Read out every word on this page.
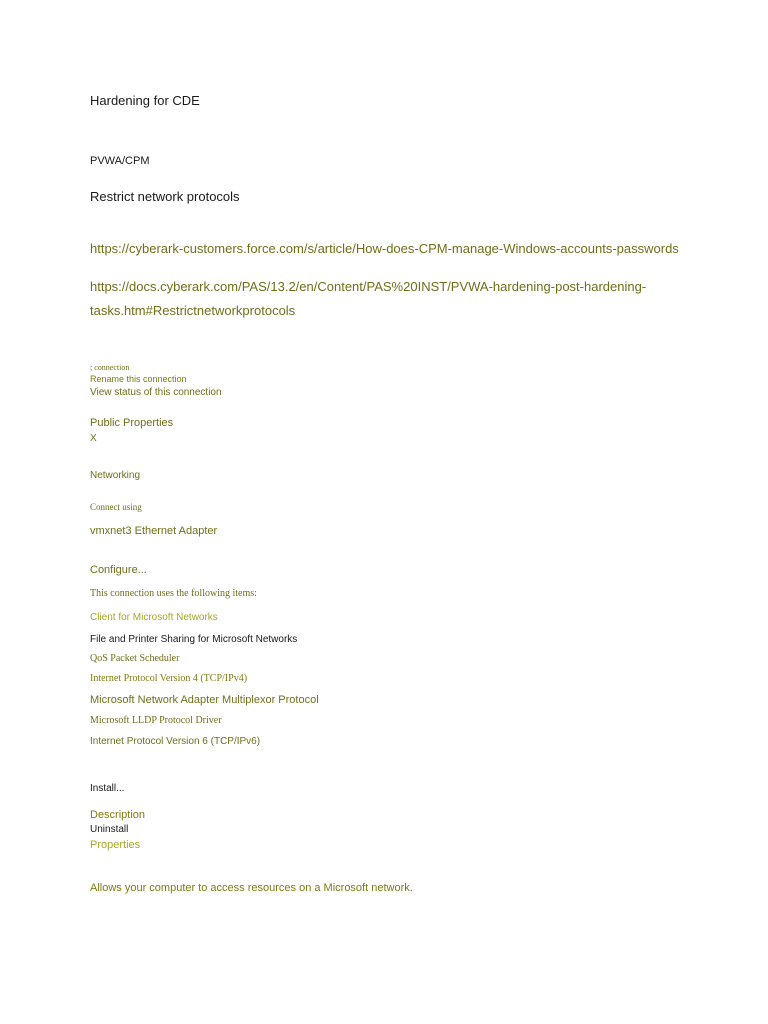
Hardening for CDE

PVWA/CPM

Restrict network protocols

https://cyberark-customers.force.com/s/article/How-does-CPM-manage-Windows-accounts-passwords

https://docs.cyberark.com/PAS/13.2/en/Content/PAS%20INST/PVWA-hardening-post-hardening-
tasks.htm#Restrictnetworkprotocols

; connection

Rename this connection

View status of this connection

Public Properties

X

Networking

Connect using

vmxnet3 Ethernet Adapter

Configure...

This connection uses the following items:

Client for Microsoft Networks

File and Printer Sharing for Microsoft Networks

QoS Packet Scheduler

Internet Protocol Version 4 (TCP/IPv4)

Microsoft Network Adapter Multiplexor Protocol

Microsoft LLDP Protocol Driver

Internet Protocol Version 6 (TCP/IPv6)

Install...

Description

Uninstall

Properties

Allows your computer to access resources on a Microsoft network.
